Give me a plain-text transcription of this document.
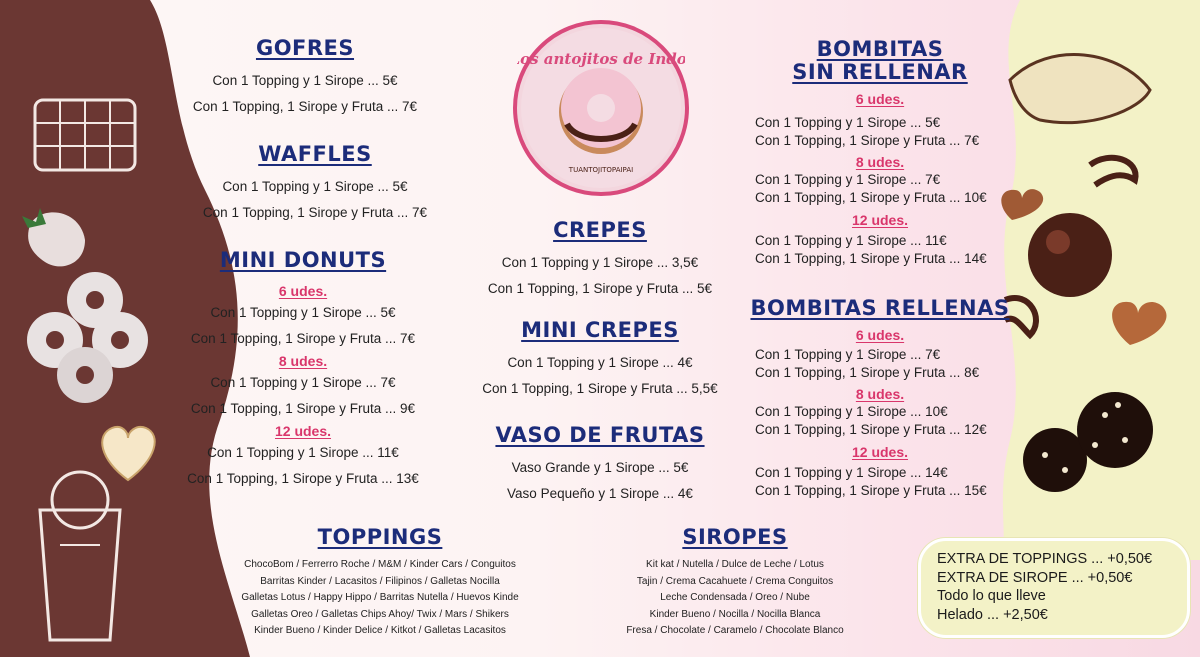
Los antojitos de Indoi
TUANTOJITOPAIPAI
GOFRES
Con 1 Topping y 1 Sirope ... 5€
Con 1 Topping, 1 Sirope y Fruta ... 7€
WAFFLES
Con 1 Topping y 1 Sirope ... 5€
Con 1 Topping, 1 Sirope y Fruta ... 7€
MINI DONUTS
6 udes.
Con 1 Topping y 1 Sirope ... 5€
Con 1 Topping, 1 Sirope y Fruta ... 7€
8 udes.
Con 1 Topping y 1 Sirope ... 7€
Con 1 Topping, 1 Sirope y Fruta ... 9€
12 udes.
Con 1 Topping y 1 Sirope ... 11€
Con 1 Topping, 1 Sirope y Fruta ... 13€
CREPES
Con 1 Topping y 1 Sirope ... 3,5€
Con 1 Topping, 1 Sirope y Fruta ... 5€
MINI CREPES
Con 1 Topping y 1 Sirope ... 4€
Con 1 Topping, 1 Sirope y Fruta ... 5,5€
VASO DE FRUTAS
Vaso Grande y 1 Sirope ... 5€
Vaso Pequeño y 1 Sirope ... 4€
BOMBITAS
SIN RELLENAR
6 udes.
Con 1 Topping y 1 Sirope ... 5€
Con 1 Topping, 1 Sirope y Fruta ... 7€
8 udes.
Con 1 Topping y 1 Sirope ... 7€
Con 1 Topping, 1 Sirope y Fruta ... 10€
12 udes.
Con 1 Topping y 1 Sirope ... 11€
Con 1 Topping, 1 Sirope y Fruta ... 14€
BOMBITAS RELLENAS
6 udes.
Con 1 Topping y 1 Sirope ... 7€
Con 1 Topping, 1 Sirope y Fruta ... 8€
8 udes.
Con 1 Topping y 1 Sirope ... 10€
Con 1 Topping, 1 Sirope y Fruta ... 12€
12 udes.
Con 1 Topping y 1 Sirope ... 14€
Con 1 Topping, 1 Sirope y Fruta ... 15€
TOPPINGS
ChocoBom / Ferrerro Roche / M&M / Kinder Cars / Conguitos
Barritas Kinder / Lacasitos / Filipinos / Galletas Nocilla
Galletas Lotus / Happy Hippo / Barritas Nutella / Huevos Kinde
Galletas Oreo / Galletas Chips Ahoy/ Twix / Mars / Shikers
Kinder Bueno / Kinder Delice / Kitkot / Galletas Lacasitos
SIROPES
Kit kat / Nutella / Dulce de Leche / Lotus
Tajin / Crema Cacahuete / Crema Conguitos
Leche Condensada / Oreo / Nube
Kinder Bueno / Nocilla / Nocilla Blanca
Fresa / Chocolate / Caramelo / Chocolate Blanco
EXTRA DE TOPPINGS ... +0,50€
EXTRA DE SIROPE ... +0,50€
Todo lo que lleve
Helado ... +2,50€
